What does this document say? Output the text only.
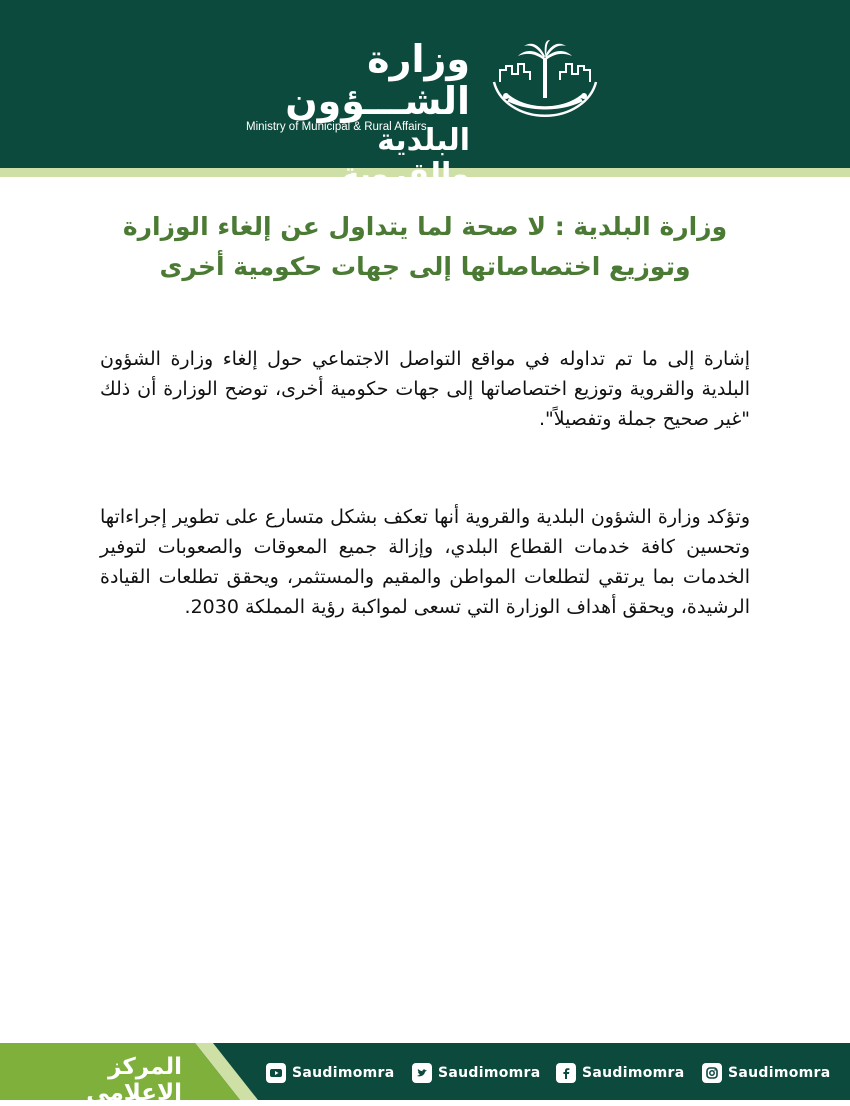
وزارة الشـــؤون
البلدية والقروية
Ministry of Municipal & Rural Affairs
وزارة البلدية : لا صحة لما يتداول عن إلغاء الوزارة وتوزيع اختصاصاتها إلى جهات حكومية أخرى
إشارة إلى ما تم تداوله في مواقع التواصل الاجتماعي حول إلغاء وزارة الشؤون البلدية والقروية وتوزيع اختصاصاتها إلى جهات حكومية أخرى، توضح الوزارة أن ذلك "غير صحيح جملة وتفصيلاً".
وتؤكد وزارة الشؤون البلدية والقروية أنها تعكف بشكل متسارع على تطوير إجراءاتها وتحسين كافة خدمات القطاع البلدي، وإزالة جميع المعوقات والصعوبات لتوفير الخدمات بما يرتقي لتطلعات المواطن والمقيم والمستثمر، ويحقق تطلعات القيادة الرشيدة، ويحقق أهداف الوزارة التي تسعى لمواكبة رؤية المملكة 2030.
المركز الإعلامي
Saudimomra	Saudimomra	Saudimomra	Saudimomra
